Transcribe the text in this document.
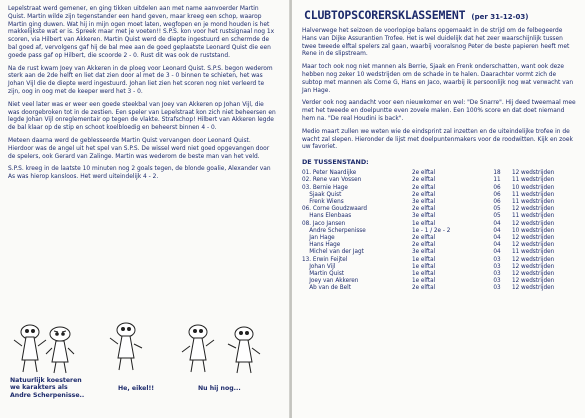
Lepelstraat werd gemener, en ging tikken uitdelen aan met name aanvoerder Martin Quist. Martin wilde zijn tegenstander een hand geven, maar kreeg een schop, waarop Martin ging duwen. Wat hij in mijn ogen moet laten, wegfopen en je mond houden is het makkelijkste wat er is. Spreek maar met je voeten!! S.P.S. kon voor het rustsignaal nog 1x scoren, via Hilbert van Akkeren. Martin Quist werd de diepte ingestuurd en schermde de bal goed af, vervolgens gaf hij de bal mee aan de goed geplaatste Leonard Quist die een goede pass gaf op Hilbert, die scoorde 2 - 0. Rust dit was ook de ruststand.

Na de rust kwam Joey van Akkeren in de ploeg voor Leonard Quist. S.P.S. begon wederom sterk aan de 2de helft en liet dat zien door al met de 3 - 0 binnen te schieten, het was Johan Vijl die de diepte werd ingestuurd. Johan liet zien het scoren nog niet verleerd te zijn, oog in oog met de keeper werd het 3 - 0.

Niet veel later was er weer een goede steekbal van Joey van Akkeren op Johan Vijl, die was doorgebroken tot in de zestien. Een speler van Lepelstraat kon zich niet beheersen en legde Johan Vijl onreglementair op tegen de vlakte. Strafschop! Hilbert van Akkeren legde de bal klaar op de stip en schoot koelbloedig en beheerst binnen 4 - 0.

Meteen daarna werd de geblesseerde Martin Quist vervangen door Leonard Quist. Hierdoor was de angel uit het spel van S.P.S. De wissel werd niet goed opgevangen door de spelers, ook Gerard van Zalinge. Martin was wederom de beste man van het veld.

S.P.S. kreeg in de laatste 10 minuten nog 2 goals tegen, de blonde goalie, Alexander van As was hierop kansloos. Het werd uiteindelijk 4 - 2.

Natuurlijk koesteren
we karakters als
Andre Scherpenisse..
He, eikel!!	Nu hij nog...
CLUBTOPSCORERSKLASSEMENT (per 31-12-03)

Halverwege het seizoen de voorlopige balans opgemaakt in de strijd om de felbegeerde Hans van Dijke Assurantien Trofee. Het is wel duidelijk dat het zeer waarschijnlijk tussen twee tweede elftal spelers zal gaan, waarbij vooralsnog Peter de beste papieren heeft met Rene in de slipstream.

Maar toch ook nog niet mannen als Berrie, Sjaak en Frenk onderschatten, want ook deze hebben nog zeker 10 wedstrijden om de schade in te halen. Daarachter vormt zich de subtop met mannen als Corne G, Hans en Jaco, waarbij ik persoonlijk nog wat verwacht van Jan Hage.

Verder ook nog aandacht voor een nieuwkomer en wel: "De Snarre". Hij deed tweemaal mee met het tweede en doelpuntte even zovele malen. Een 100% score en dat doet niemand hem na. "De real Houdini is back".

Medio maart zullen we weten wie de eindsprint zal inzetten en de uiteindelijke trofee in de wacht zal slepen. Hieronder de lijst met doelpuntenmakers voor de roodwitten. Kijk en zoek uw favoriet.

DE TUSSENSTAND:
01. Peter Naardijke	2e elftal	18	12 wedstrijden
02. Rene van Vossen	2e elftal	11	11 wedstrijden
03. Bernie Hage	2e elftal	06	10 wedstrijden
Sjaak Quist	2e elftal	06	11 wedstrijden
Frenk Wiens	3e elftal	06	11 wedstrijden
06. Corne Goudzwaard	2e elftal	05	12 wedstrijden
Hans Elenbaas	3e elftal	05	11 wedstrijden
08. Jaco Jansen	1e elftal	04	12 wedstrijden
Andre Scherpenisse	1e - 1 / 2e - 2	04	10 wedstrijden
Jan Hage	2e elftal	04	12 wedstrijden
Hans Hage	2e elftal	04	12 wedstrijden
Michel van der Jagt	3e elftal	04	11 wedstrijden
13. Erwin Feijtel	1e elftal	03	12 wedstrijden
Johan Vijl	1e elftal	03	12 wedstrijden
Martin Quist	1e elftal	03	12 wedstrijden
Joey van Akkeren	1e elftal	03	12 wedstrijden
Ab van de Belt	2e elftal	03	12 wedstrijden
